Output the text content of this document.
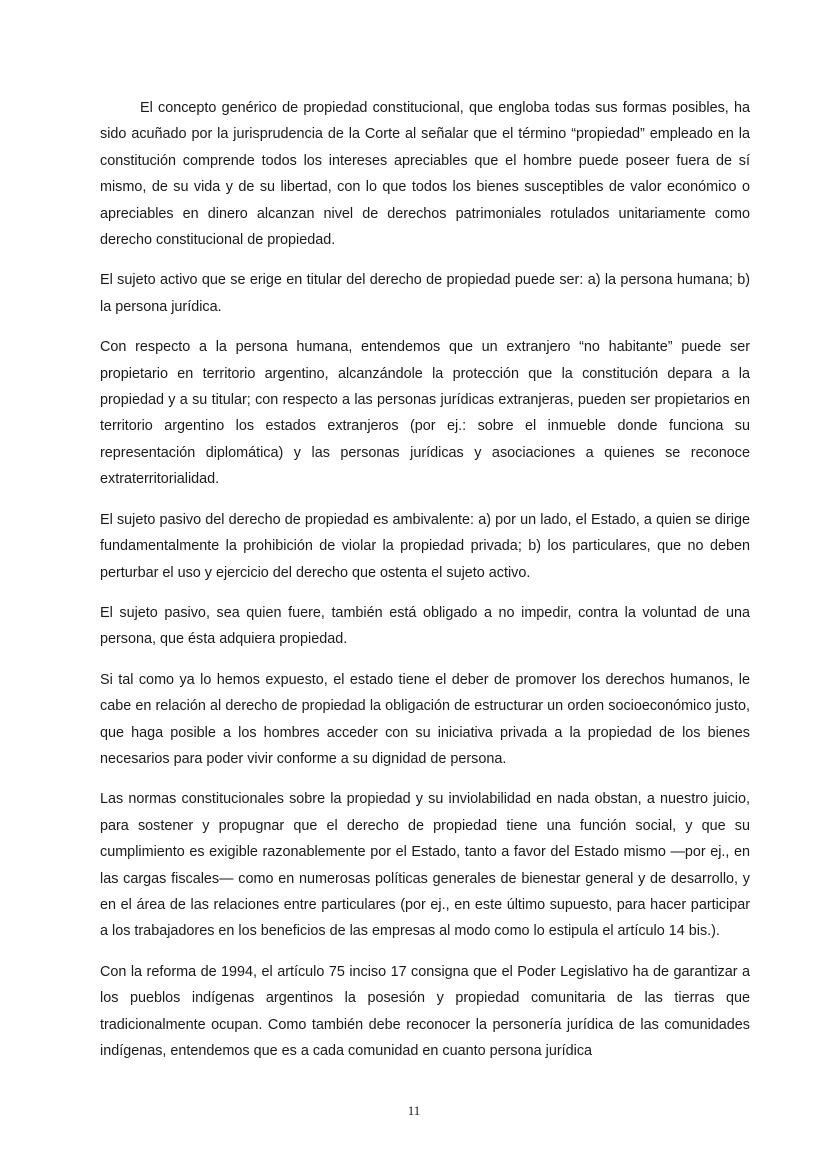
El concepto genérico de propiedad constitucional, que engloba todas sus formas posibles, ha sido acuñado por la jurisprudencia de la Corte al señalar que el término “propiedad” empleado en la constitución comprende todos los intereses apreciables que el hombre puede poseer fuera de sí mismo, de su vida y de su libertad, con lo que todos los bienes susceptibles de valor económico o apreciables en dinero alcanzan nivel de derechos patrimoniales rotulados unitariamente como derecho constitucional de propiedad.

El sujeto activo que se erige en titular del derecho de propiedad puede ser: a) la persona humana; b) la persona jurídica.

Con respecto a la persona humana, entendemos que un extranjero “no habitante” puede ser propietario en territorio argentino, alcanzándole la protección que la constitución depara a la propiedad y a su titular; con respecto a las personas jurídicas extranjeras, pueden ser propietarios en territorio argentino los estados extranjeros (por ej.: sobre el inmueble donde funciona su representación diplomática) y las personas jurídicas y asociaciones a quienes se reconoce extraterritorialidad.

El sujeto pasivo del derecho de propiedad es ambivalente: a) por un lado, el Estado, a quien se dirige fundamentalmente la prohibición de violar la propiedad privada; b) los particulares, que no deben perturbar el uso y ejercicio del derecho que ostenta el sujeto activo.

El sujeto pasivo, sea quien fuere, también está obligado a no impedir, contra la voluntad de una persona, que ésta adquiera propiedad.

Si tal como ya lo hemos expuesto, el estado tiene el deber de promover los derechos humanos, le cabe en relación al derecho de propiedad la obligación de estructurar un orden socioeconómico justo, que haga posible a los hombres acceder con su iniciativa privada a la propiedad de los bienes necesarios para poder vivir conforme a su dignidad de persona.

Las normas constitucionales sobre la propiedad y su inviolabilidad en nada obstan, a nuestro juicio, para sostener y propugnar que el derecho de propiedad tiene una función social, y que su cumplimiento es exigible razonablemente por el Estado, tanto a favor del Estado mismo —por ej., en las cargas fiscales— como en numerosas políticas generales de bienestar general y de desarrollo, y en el área de las relaciones entre particulares (por ej., en este último supuesto, para hacer participar a los trabajadores en los beneficios de las empresas al modo como lo estipula el artículo 14 bis.).

Con la reforma de 1994, el artículo 75 inciso 17 consigna que el Poder Legislativo ha de garantizar a los pueblos indígenas argentinos la posesión y propiedad comunitaria de las tierras que tradicionalmente ocupan. Como también debe reconocer la personería jurídica de las comunidades indígenas, entendemos que es a cada comunidad en cuanto persona jurídica

11
